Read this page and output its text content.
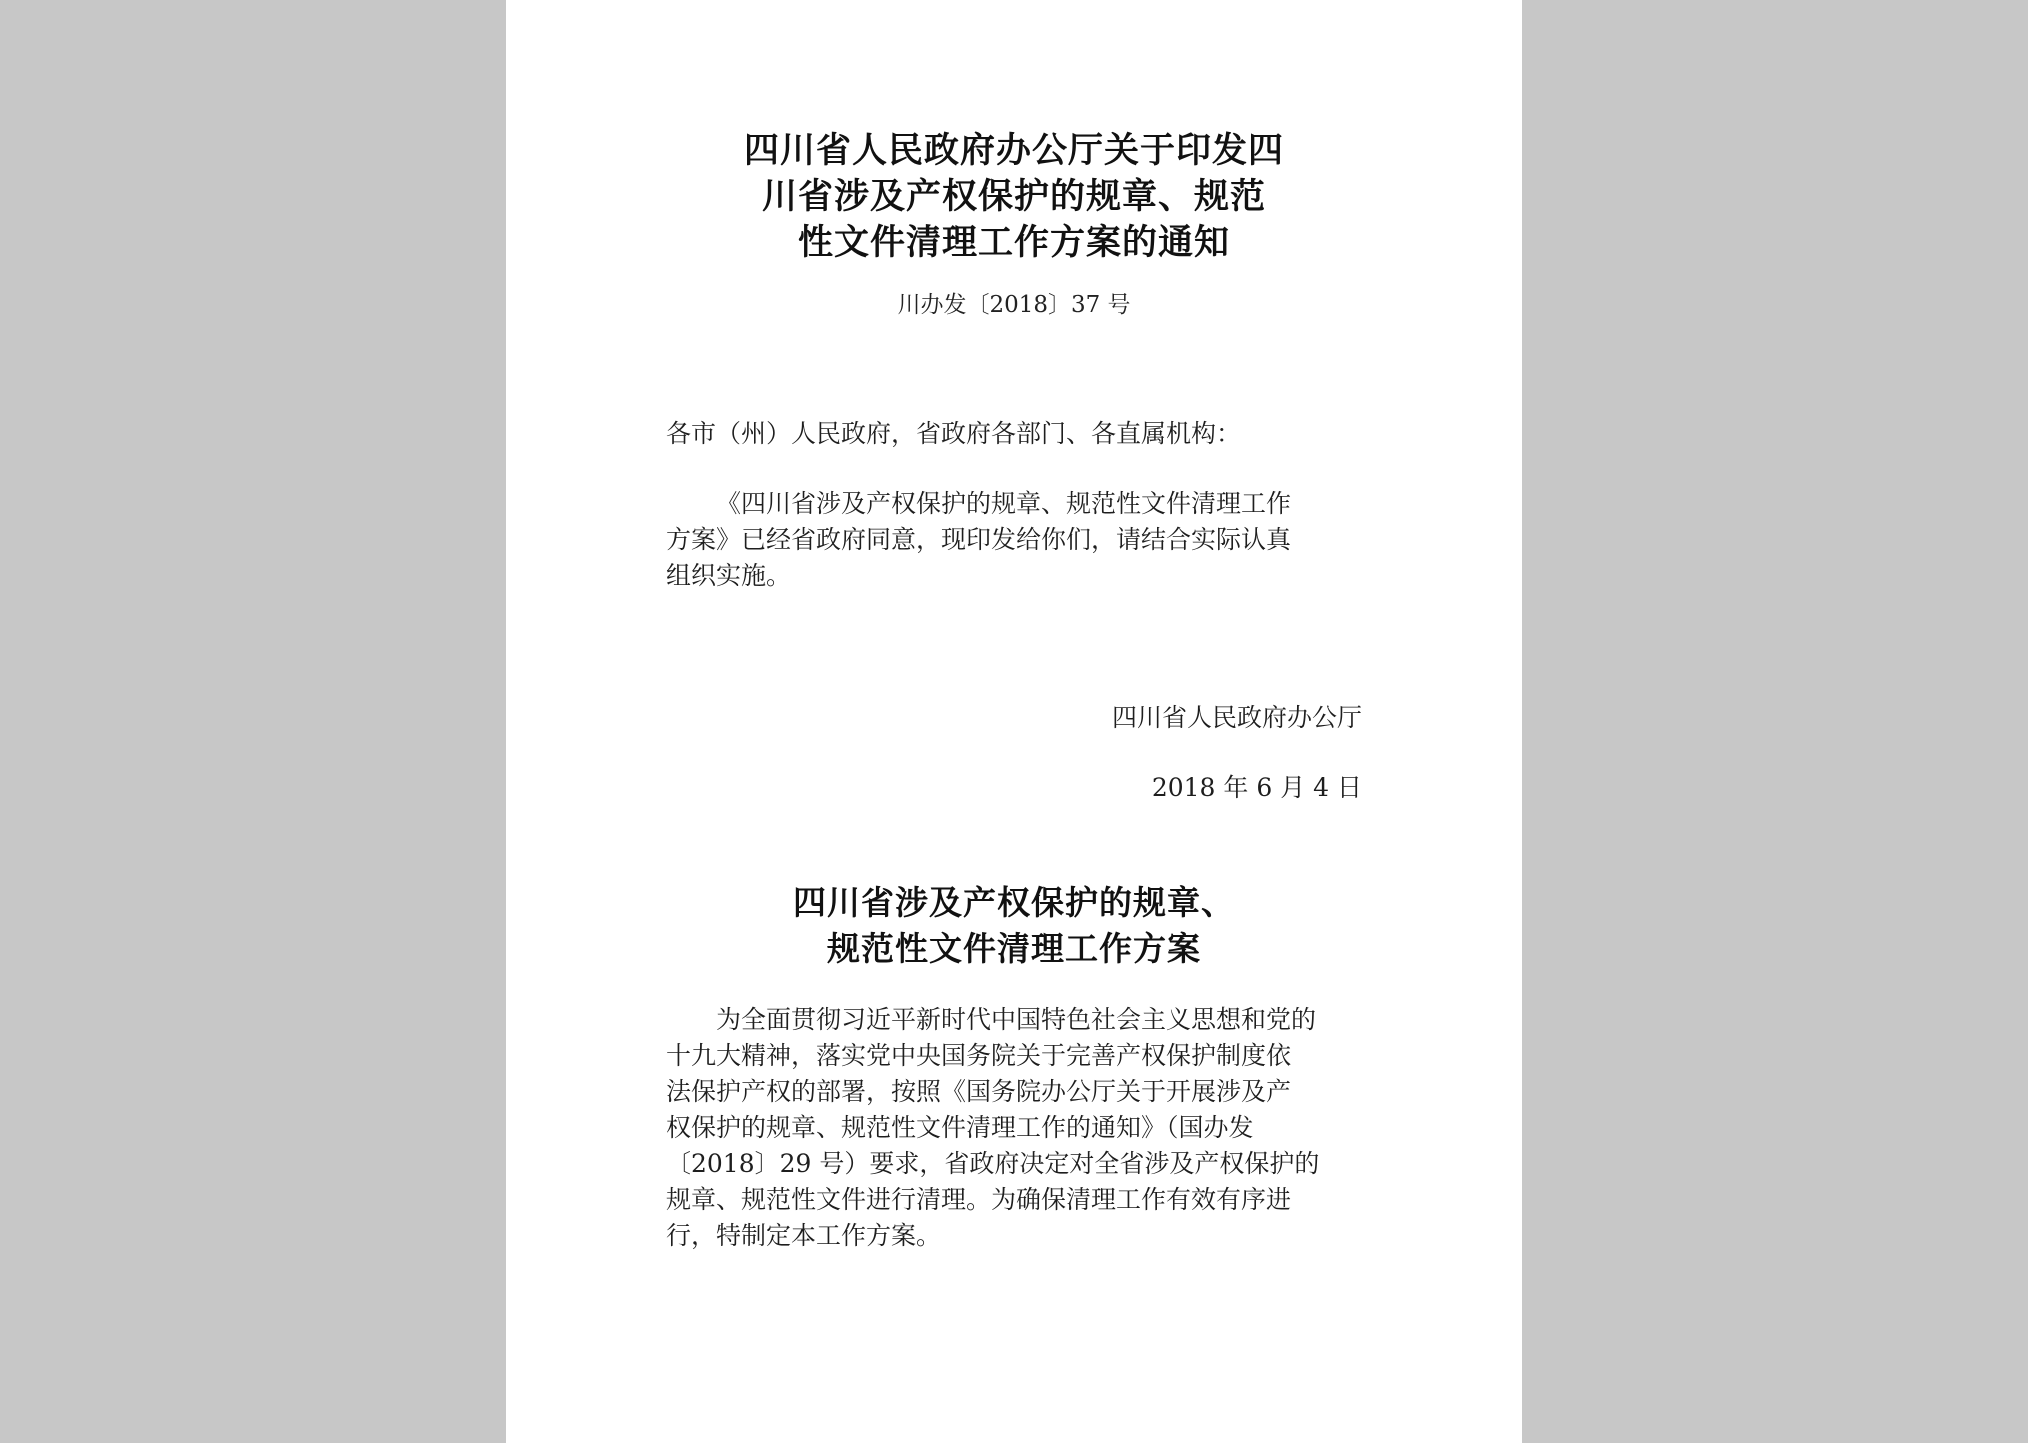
四川省人民政府办公厅关于印发四
川省涉及产权保护的规章、规范
性文件清理工作方案的通知
川办发〔2018〕37 号
各市（州）人民政府，省政府各部门、各直属机构：
《四川省涉及产权保护的规章、规范性文件清理工作
方案》已经省政府同意，现印发给你们，请结合实际认真
组织实施。
四川省人民政府办公厅
2018 年 6 月 4 日
四川省涉及产权保护的规章、
规范性文件清理工作方案
为全面贯彻习近平新时代中国特色社会主义思想和党的
十九大精神，落实党中央国务院关于完善产权保护制度依
法保护产权的部署，按照《国务院办公厅关于开展涉及产
权保护的规章、规范性文件清理工作的通知》（国办发
〔2018〕29 号）要求，省政府决定对全省涉及产权保护的
规章、规范性文件进行清理。为确保清理工作有效有序进
行，特制定本工作方案。
